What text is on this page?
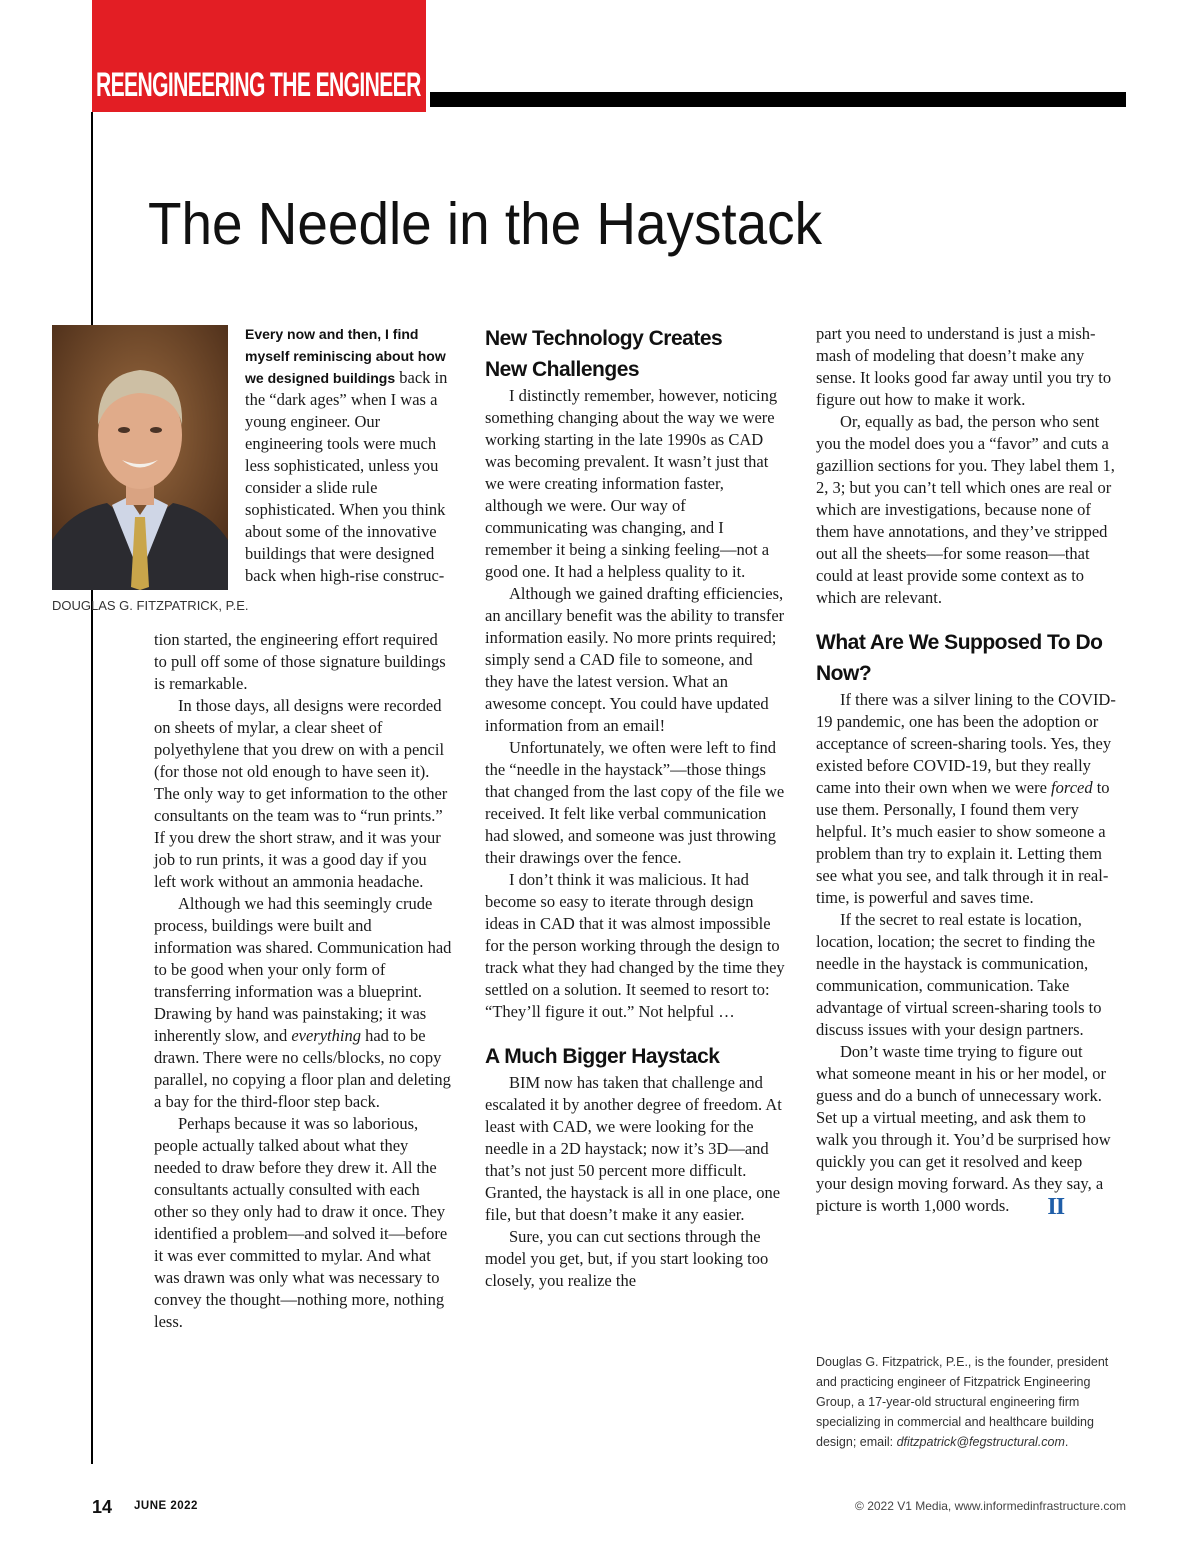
REENGINEERING THE ENGINEER
The Needle in the Haystack
DOUGLAS G. FITZPATRICK, P.E.

Every now and then, I find myself reminiscing about how we designed buildings back in the “dark ages” when I was a young engineer. Our engineering tools were much less sophisticated, unless you consider a slide rule sophisticated. When you think about some of the innovative buildings that were designed back when high-rise construc-

tion started, the engineering effort required to pull off some of those signature buildings is remarkable.

In those days, all designs were recorded on sheets of mylar, a clear sheet of polyethylene that you drew on with a pencil (for those not old enough to have seen it). The only way to get information to the other consultants on the team was to “run prints.” If you drew the short straw, and it was your job to run prints, it was a good day if you left work without an ammonia headache.

Although we had this seemingly crude process, buildings were built and information was shared. Communication had to be good when your only form of transferring information was a blueprint. Drawing by hand was painstaking; it was inherently slow, and everything had to be drawn. There were no cells/blocks, no copy parallel, no copying a floor plan and deleting a bay for the third-floor step back.

Perhaps because it was so laborious, people actually talked about what they needed to draw before they drew it. All the consultants actually consulted with each other so they only had to draw it once. They identified a problem—and solved it—before it was ever committed to mylar. And what was drawn was only what was necessary to convey the thought—nothing more, nothing less.

New Technology Creates
New Challenges

I distinctly remember, however, noticing something changing about the way we were working starting in the late 1990s as CAD was becoming prevalent. It wasn’t just that we were creating information faster, although we were. Our way of communicating was changing, and I remember it being a sinking feeling—not a good one. It had a helpless quality to it.

Although we gained drafting efficiencies, an ancillary benefit was the ability to transfer information easily. No more prints required; simply send a CAD file to someone, and they have the latest version. What an awesome concept. You could have updated information from an email!

Unfortunately, we often were left to find the “needle in the haystack”—those things that changed from the last copy of the file we received. It felt like verbal communication had slowed, and someone was just throwing their drawings over the fence.

I don’t think it was malicious. It had become so easy to iterate through design ideas in CAD that it was almost impossible for the person working through the design to track what they had changed by the time they settled on a solution. It seemed to resort to: “They’ll figure it out.” Not helpful …

A Much Bigger Haystack

BIM now has taken that challenge and escalated it by another degree of freedom. At least with CAD, we were looking for the needle in a 2D haystack; now it’s 3D—and that’s not just 50 percent more difficult. Granted, the haystack is all in one place, one file, but that doesn’t make it any easier.

Sure, you can cut sections through the model you get, but, if you start looking too closely, you realize the

part you need to understand is just a mish-mash of modeling that doesn’t make any sense. It looks good far away until you try to figure out how to make it work.

Or, equally as bad, the person who sent you the model does you a “favor” and cuts a gazillion sections for you. They label them 1, 2, 3; but you can’t tell which ones are real or which are investigations, because none of them have annotations, and they’ve stripped out all the sheets—for some reason—that could at least provide some context as to which are relevant.

What Are We Supposed To Do Now?

If there was a silver lining to the COVID-19 pandemic, one has been the adoption or acceptance of screen-sharing tools. Yes, they existed before COVID-19, but they really came into their own when we were forced to use them. Personally, I found them very helpful. It’s much easier to show someone a problem than try to explain it. Letting them see what you see, and talk through it in real-time, is powerful and saves time.

If the secret to real estate is location, location, location; the secret to finding the needle in the haystack is communication, communication, communication. Take advantage of virtual screen-sharing tools to discuss issues with your design partners.

Don’t waste time trying to figure out what someone meant in his or her model, or guess and do a bunch of unnecessary work. Set up a virtual meeting, and ask them to walk you through it. You’d be surprised how quickly you can get it resolved and keep your design moving forward. As they say, a picture is worth 1,000 words. II

Douglas G. Fitzpatrick, P.E., is the founder, president and practicing engineer of Fitzpatrick Engineering Group, a 17-year-old structural engineering firm specializing in commercial and healthcare building design; email: dfitzpatrick@fegstructural.com.
14 JUNE 2022	© 2022 V1 Media, www.informedinfrastructure.com
